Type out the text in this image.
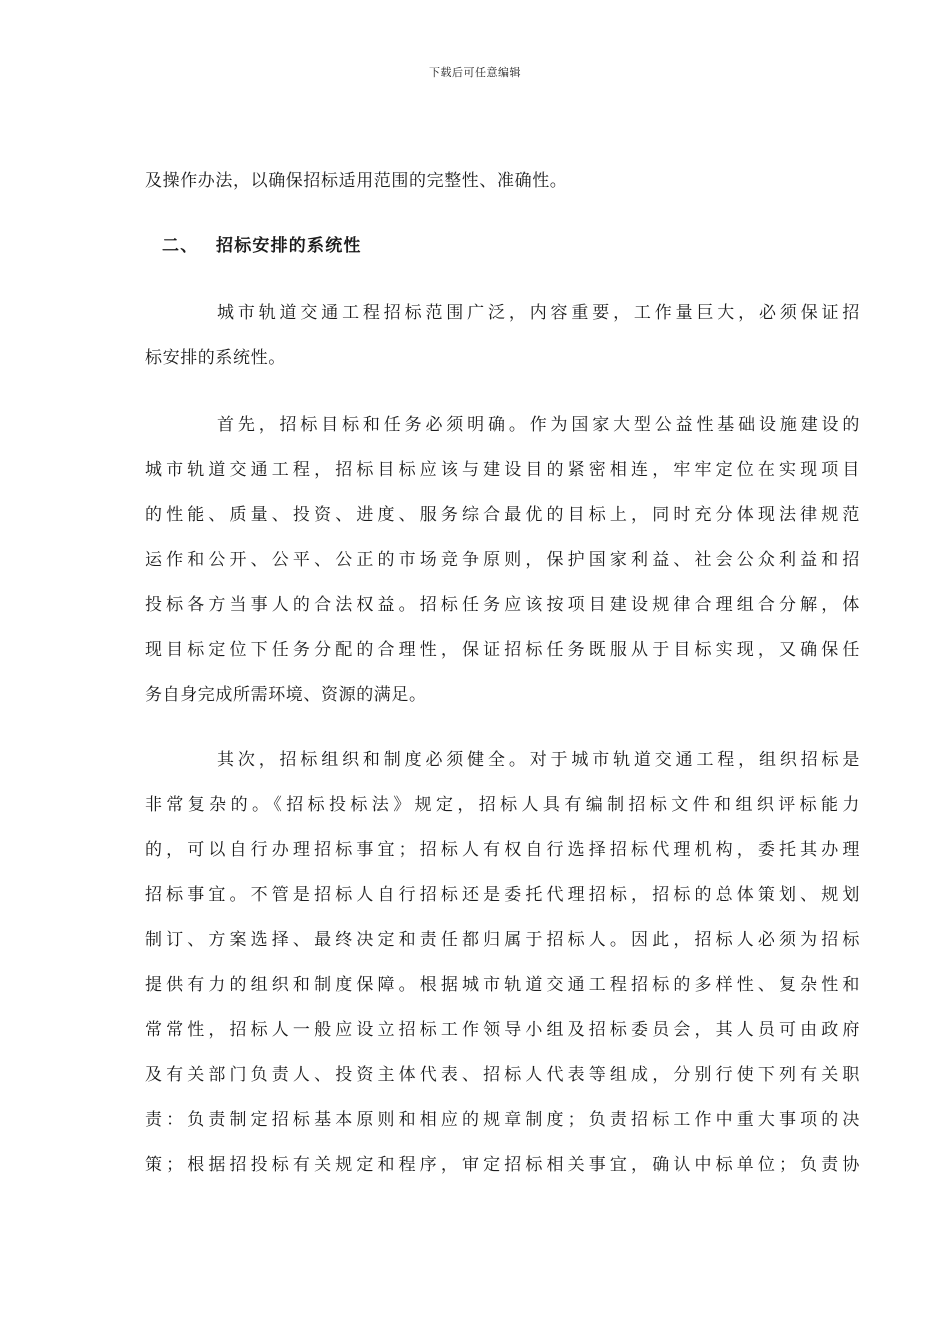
下载后可任意编辑
及操作办法，以确保招标适用范围的完整性、准确性。
二、 招标安排的系统性
城市轨道交通工程招标范围广泛，内容重要，工作量巨大，必须保证招
标安排的系统性。
首先，招标目标和任务必须明确。作为国家大型公益性基础设施建设的
城市轨道交通工程，招标目标应该与建设目的紧密相连，牢牢定位在实现项目
的性能、质量、投资、进度、服务综合最优的目标上，同时充分体现法律规范
运作和公开、公平、公正的市场竞争原则，保护国家利益、社会公众利益和招
投标各方当事人的合法权益。招标任务应该按项目建设规律合理组合分解，体
现目标定位下任务分配的合理性，保证招标任务既服从于目标实现，又确保任
务自身完成所需环境、资源的满足。
其次，招标组织和制度必须健全。对于城市轨道交通工程，组织招标是
非常复杂的。《招标投标法》规定，招标人具有编制招标文件和组织评标能力
的，可以自行办理招标事宜；招标人有权自行选择招标代理机构，委托其办理
招标事宜。不管是招标人自行招标还是委托代理招标，招标的总体策划、规划
制订、方案选择、最终决定和责任都归属于招标人。因此，招标人必须为招标
提供有力的组织和制度保障。根据城市轨道交通工程招标的多样性、复杂性和
常常性，招标人一般应设立招标工作领导小组及招标委员会，其人员可由政府
及有关部门负责人、投资主体代表、招标人代表等组成，分别行使下列有关职
责：负责制定招标基本原则和相应的规章制度；负责招标工作中重大事项的决
策；根据招投标有关规定和程序，审定招标相关事宜，确认中标单位；负责协
